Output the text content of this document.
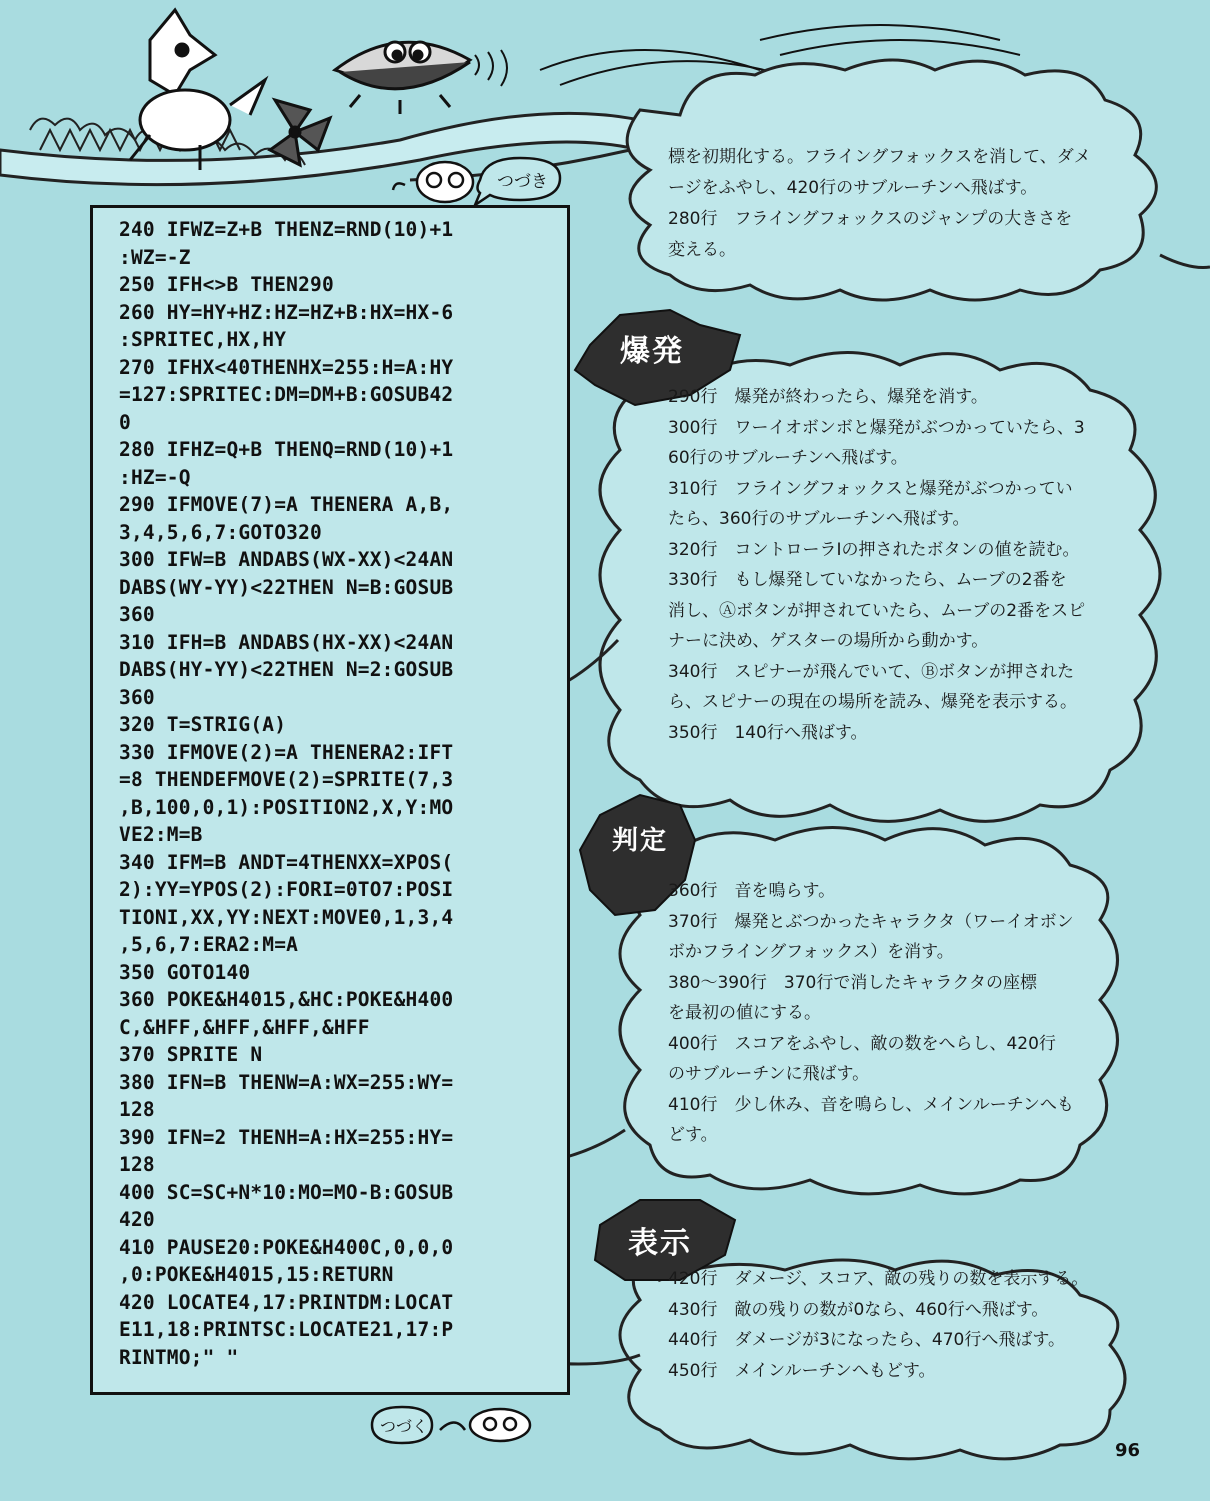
つづき
つづく
240 IFWZ=Z+B THENZ=RND(10)+1
:WZ=-Z
250 IFH<>B THEN290
260 HY=HY+HZ:HZ=HZ+B:HX=HX-6
:SPRITEC,HX,HY
270 IFHX<40THENHX=255:H=A:HY
=127:SPRITEC:DM=DM+B:GOSUB42
0
280 IFHZ=Q+B THENQ=RND(10)+1
:HZ=-Q
290 IFMOVE(7)=A THENERA A,B,
3,4,5,6,7:GOTO320
300 IFW=B ANDABS(WX-XX)<24AN
DABS(WY-YY)<22THEN N=B:GOSUB
360
310 IFH=B ANDABS(HX-XX)<24AN
DABS(HY-YY)<22THEN N=2:GOSUB
360
320 T=STRIG(A)
330 IFMOVE(2)=A THENERA2:IFT
=8 THENDEFMOVE(2)=SPRITE(7,3
,B,100,0,1):POSITION2,X,Y:MO
VE2:M=B
340 IFM=B ANDT=4THENXX=XPOS(
2):YY=YPOS(2):FORI=0TO7:POSI
TIONI,XX,YY:NEXT:MOVE0,1,3,4
,5,6,7:ERA2:M=A
350 GOTO140
360 POKE&H4015,&HC:POKE&H400
C,&HFF,&HFF,&HFF,&HFF
370 SPRITE N
380 IFN=B THENW=A:WX=255:WY=
128
390 IFN=2 THENH=A:HX=255:HY=
128
400 SC=SC+N*10:MO=MO-B:GOSUB
420
410 PAUSE20:POKE&H400C,0,0,0
,0:POKE&H4015,15:RETURN
420 LOCATE4,17:PRINTDM:LOCAT
E11,18:PRINTSC:LOCATE21,17:P
RINTMO;" "
標を初期化する。フライングフォックスを消して、ダメ
ージをふやし、420行のサブルーチンへ飛ばす。
280行　フライングフォックスのジャンプの大きさを
変える。
爆発
290行　爆発が終わったら、爆発を消す。
300行　ワーイオボンボと爆発がぶつかっていたら、3
60行のサブルーチンへ飛ばす。
310行　フライングフォックスと爆発がぶつかってい
たら、360行のサブルーチンへ飛ばす。
320行　コントローラⅠの押されたボタンの値を読む。
330行　もし爆発していなかったら、ムーブの2番を
消し、Ⓐボタンが押されていたら、ムーブの2番をスピ
ナーに決め、ゲスターの場所から動かす。
340行　スピナーが飛んでいて、Ⓑボタンが押された
ら、スピナーの現在の場所を読み、爆発を表示する。
350行　140行へ飛ばす。
判定
360行　音を鳴らす。
370行　爆発とぶつかったキャラクタ（ワーイオボン
ボかフライングフォックス）を消す。
380〜390行　370行で消したキャラクタの座標
を最初の値にする。
400行　スコアをふやし、敵の数をへらし、420行
のサブルーチンに飛ばす。
410行　少し休み、音を鳴らし、メインルーチンへも
どす。
表示
420行　ダメージ、スコア、敵の残りの数を表示する。
430行　敵の残りの数が0なら、460行へ飛ばす。
440行　ダメージが3になったら、470行へ飛ばす。
450行　メインルーチンへもどす。
96
